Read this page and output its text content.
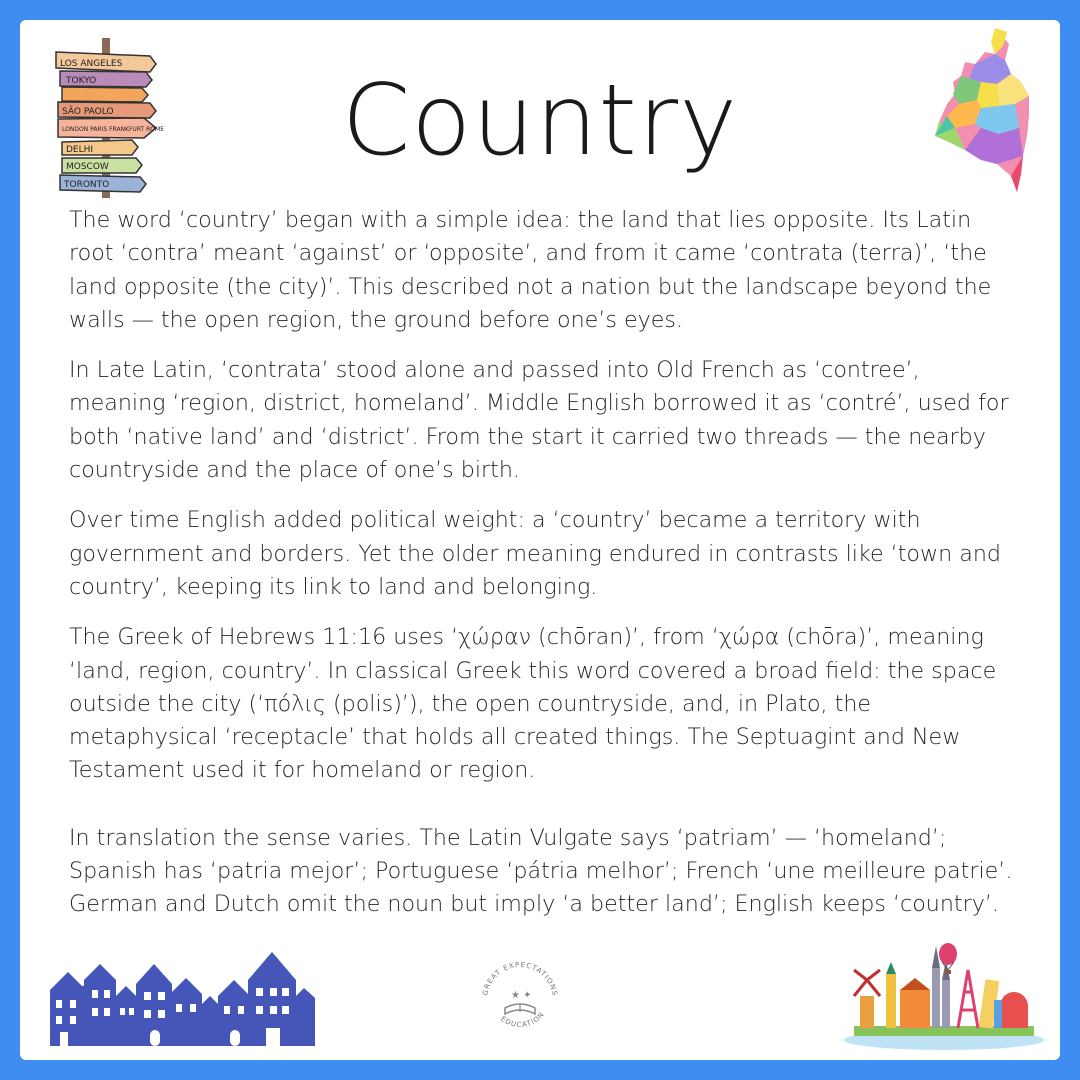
LOS ANGELES
TOKYO
SÃO PAOLO
LONDON PARIS FRANKFURT ROME
DELHI
MOSCOW
TORONTO
Country

The word ‘country’ began with a simple idea: the land that lies opposite. Its Latin root ‘contra’ meant ‘against’ or ‘opposite’, and from it came ‘contrata (terra)’, ‘the land opposite (the city)’. This described not a nation but the landscape beyond the walls — the open region, the ground before one’s eyes.

In Late Latin, ‘contrata’ stood alone and passed into Old French as ‘contree’, meaning ‘region, district, homeland’. Middle English borrowed it as ‘contré’, used for both ‘native land’ and ‘district’. From the start it carried two threads — the nearby countryside and the place of one’s birth.

Over time English added political weight: a ‘country’ became a territory with government and borders. Yet the older meaning endured in contrasts like ‘town and country’, keeping its link to land and belonging.

The Greek of Hebrews 11:16 uses ‘χώραν (chōran)’, from ‘χώρα (chōra)’, meaning ‘land, region, country’. In classical Greek this word covered a broad field: the space outside the city (‘πόλις (polis)’), the open countryside, and, in Plato, the metaphysical ‘receptacle’ that holds all created things. The Septuagint and New Testament used it for homeland or region.

In translation the sense varies. The Latin Vulgate says ‘patriam’ — ‘homeland’; Spanish has ‘patria mejor’; Portuguese ‘pátria melhor’; French ‘une meilleure patrie’. German and Dutch omit the noun but imply ‘a better land’; English keeps ‘country’.

GREAT EXPECTATIONS
EDUCATION
★ ✦
